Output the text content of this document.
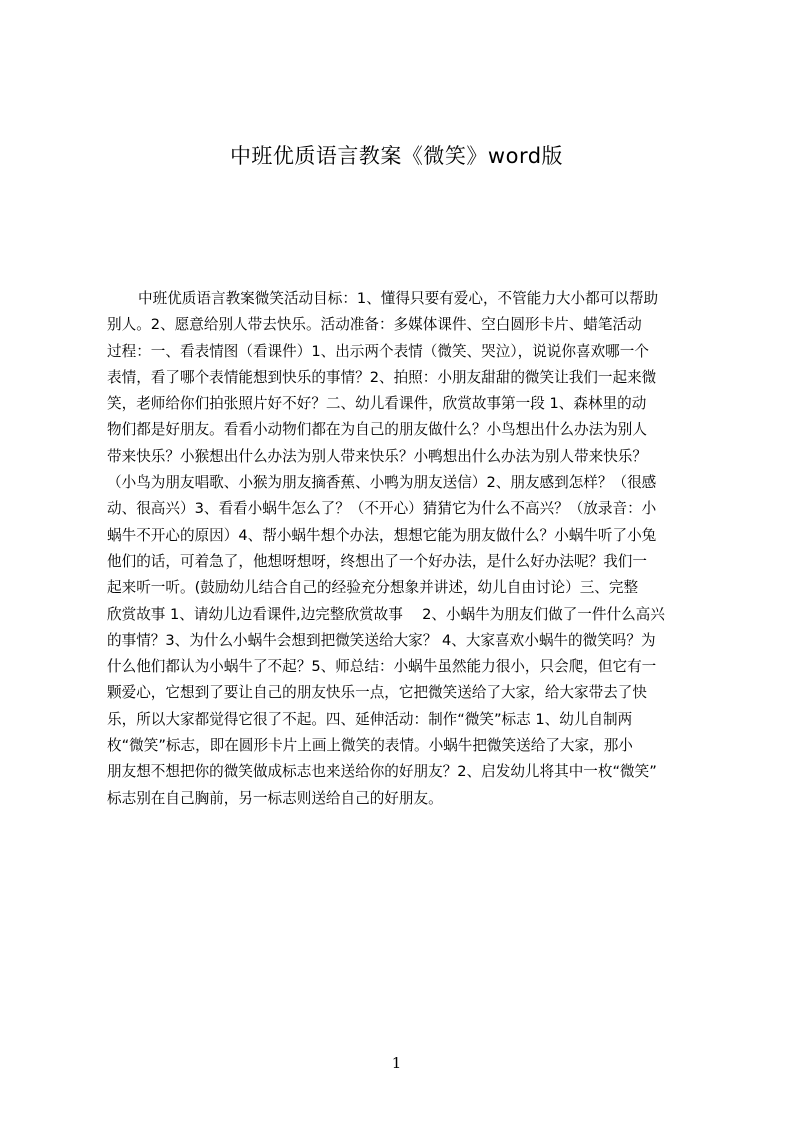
中班优质语言教案《微笑》word版
中班优质语言教案微笑活动目标：1、懂得只要有爱心，不管能力大小都可以帮助
别人。2、愿意给别人带去快乐。活动准备：多媒体课件、空白圆形卡片、蜡笔活动
过程：一、看表情图（看课件）1、出示两个表情（微笑、哭泣），说说你喜欢哪一个
表情，看了哪个表情能想到快乐的事情？2、拍照：小朋友甜甜的微笑让我们一起来微
笑，老师给你们拍张照片好不好？二、幼儿看课件，欣赏故事第一段 1、森林里的动
物们都是好朋友。看看小动物们都在为自己的朋友做什么？小鸟想出什么办法为别人
带来快乐？小猴想出什么办法为别人带来快乐？小鸭想出什么办法为别人带来快乐？
（小鸟为朋友唱歌、小猴为朋友摘香蕉、小鸭为朋友送信）2、朋友感到怎样？（很感
动、很高兴）3、看看小蜗牛怎么了？（不开心）猜猜它为什么不高兴？（放录音：小
蜗牛不开心的原因）4、帮小蜗牛想个办法，想想它能为朋友做什么？小蜗牛听了小兔
他们的话，可着急了，他想呀想呀，终想出了一个好办法，是什么好办法呢？我们一
起来听一听。(鼓励幼儿结合自己的经验充分想象并讲述，幼儿自由讨论）三、完整
欣赏故事 1、请幼儿边看课件,边完整欣赏故事　 2、小蜗牛为朋友们做了一件什么高兴
的事情？3、为什么小蜗牛会想到把微笑送给大家？ 4、大家喜欢小蜗牛的微笑吗？为
什么他们都认为小蜗牛了不起？5、师总结：小蜗牛虽然能力很小，只会爬，但它有一
颗爱心，它想到了要让自己的朋友快乐一点，它把微笑送给了大家，给大家带去了快
乐，所以大家都觉得它很了不起。四、延伸活动：制作“微笑”标志 1、幼儿自制两
枚“微笑”标志，即在圆形卡片上画上微笑的表情。小蜗牛把微笑送给了大家，那小
朋友想不想把你的微笑做成标志也来送给你的好朋友？2、启发幼儿将其中一枚“微笑”
标志别在自己胸前，另一标志则送给自己的好朋友。
1
